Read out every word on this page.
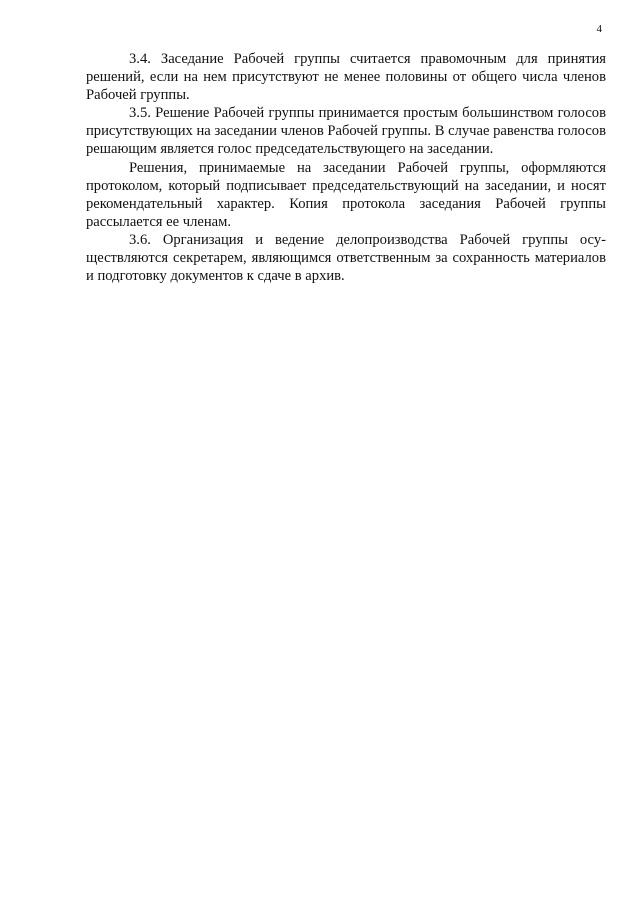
4

3.4. Заседание Рабочей группы считается правомочным для принятия решений, если на нем присутствуют не менее половины от общего числа членов Рабочей группы.

3.5. Решение Рабочей группы принимается простым большинством голосов присутствующих на заседании членов Рабочей группы. В случае равенства голосов решающим является голос председательствующего на заседании.

Решения, принимаемые на заседании Рабочей группы, оформляются протоколом, который подписывает председательствующий на заседании, и носят рекомендательный характер. Копия протокола заседания Рабочей группы рассылается ее членам.

3.6. Организация и ведение делопроизводства Рабочей группы осуществляются секретарем, являющимся ответственным за сохранность материалов и подготовку документов к сдаче в архив.
